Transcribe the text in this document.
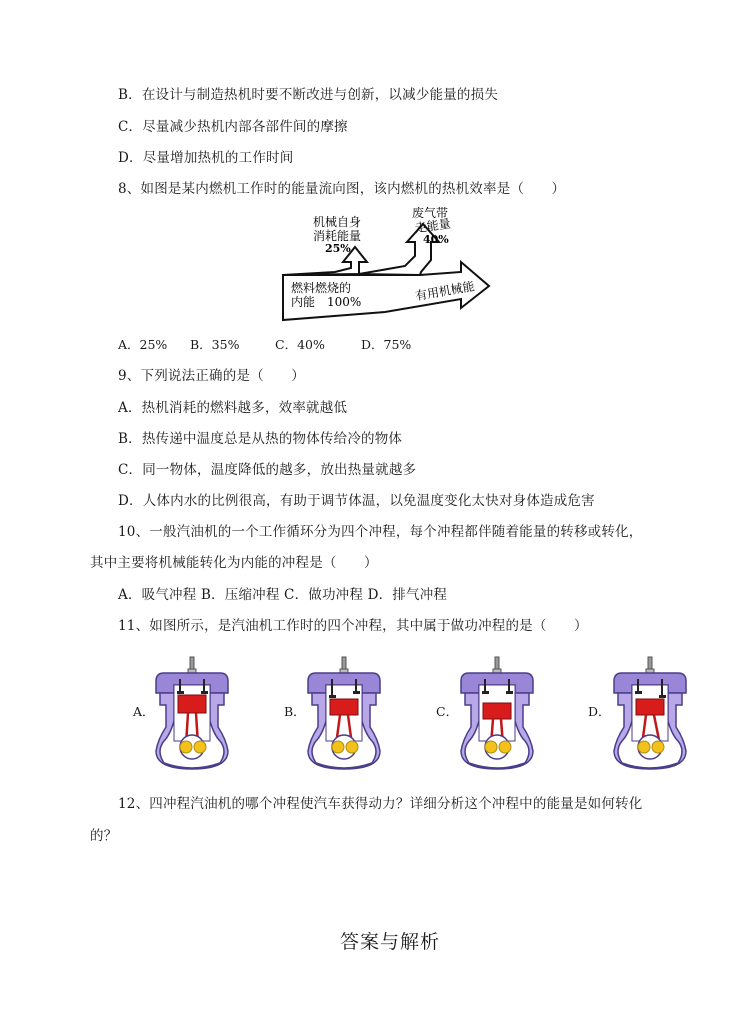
B．在设计与制造热机时要不断改进与创新，以减少能量的损失
C．尽量减少热机内部各部件间的摩擦
D．尽量增加热机的工作时间
8、如图是某内燃机工作时的能量流向图，该内燃机的热机效率是（　　）
机械自身
消耗能量
25%
废气带
走能量
40%
燃料燃烧的
内能　100%	有用机械能
A．25% B．35%	C．40%	D．75%
9、下列说法正确的是（　　）
A．热机消耗的燃料越多，效率就越低
B．热传递中温度总是从热的物体传给冷的物体
C．同一物体，温度降低的越多，放出热量就越多
D．人体内水的比例很高，有助于调节体温，以免温度变化太快对身体造成危害
10、一般汽油机的一个工作循环分为四个冲程，每个冲程都伴随着能量的转移或转化，
其中主要将机械能转化为内能的冲程是（　　）
A．吸气冲程 B．压缩冲程 C．做功冲程 D．排气冲程
11、如图所示，是汽油机工作时的四个冲程，其中属于做功冲程的是（　　）
A．	B．	C．	D．
12、四冲程汽油机的哪个冲程使汽车获得动力？详细分析这个冲程中的能量是如何转化
的？
答案与解析
